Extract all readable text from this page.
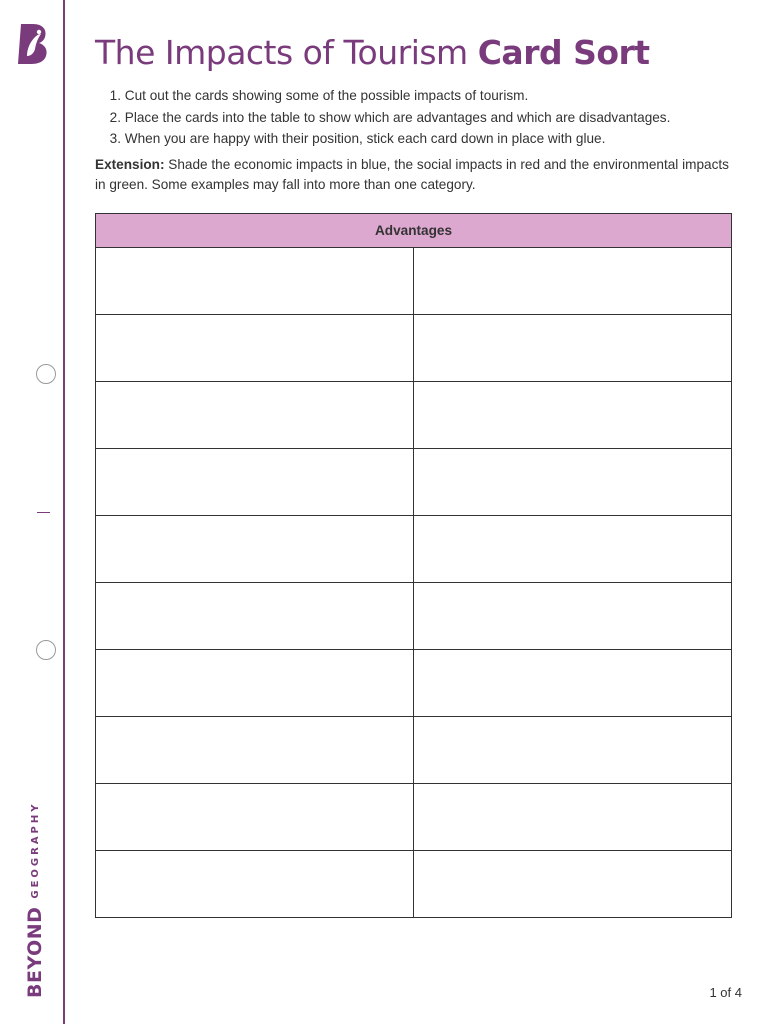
BEYOND
GEOGRAPHY
The Impacts of Tourism Card Sort
1. Cut out the cards showing some of the possible impacts of tourism.
2. Place the cards into the table to show which are advantages and which are disadvantages.
3. When you are happy with their position, stick each card down in place with glue.

Extension: Shade the economic impacts in blue, the social impacts in red and the environmental impacts in green. Some examples may fall into more than one category.

Advantages	

1 of 4
